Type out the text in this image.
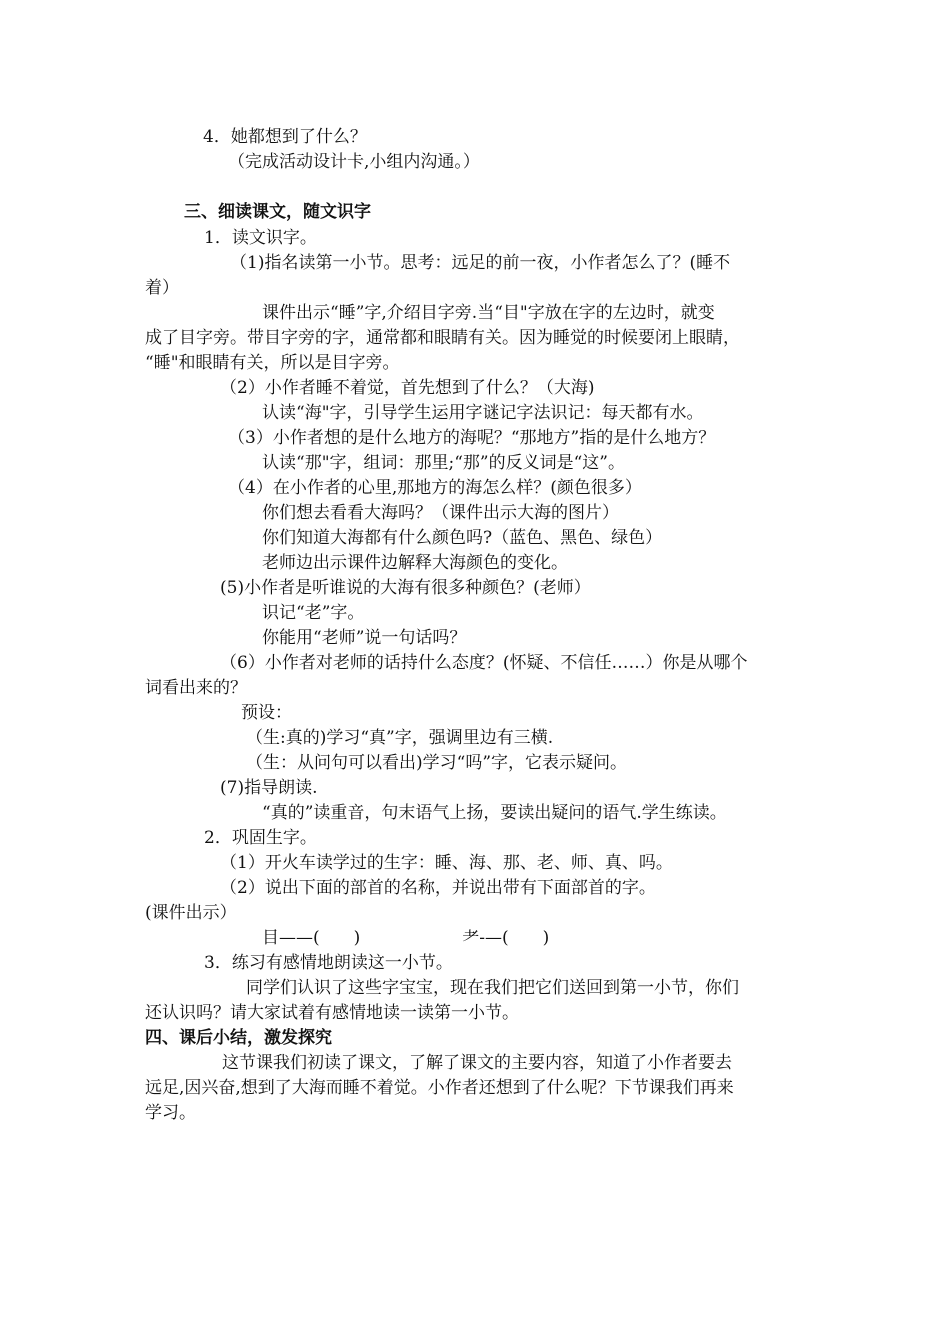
4．她都想到了什么？
（完成活动设计卡,小组内沟通。）
三、细读课文，随文识字
1．读文识字。
（1)指名读第一小节。思考：远足的前一夜，小作者怎么了？(睡不
着）
课件出示“睡”字,介绍目字旁.当“目"字放在字的左边时，就变
成了目字旁。带目字旁的字，通常都和眼睛有关。因为睡觉的时候要闭上眼睛，
“睡"和眼睛有关，所以是目字旁。
（2）小作者睡不着觉，首先想到了什么？（大海)
认读“海"字，引导学生运用字谜记字法识记：每天都有水。
（3）小作者想的是什么地方的海呢？“那地方”指的是什么地方？
认读“那"字，组词：那里;“那”的反义词是“这”。
（4）在小作者的心里,那地方的海怎么样？(颜色很多）
你们想去看看大海吗？（课件出示大海的图片）
你们知道大海都有什么颜色吗?（蓝色、黑色、绿色）
老师边出示课件边解释大海颜色的变化。
(5)小作者是听谁说的大海有很多种颜色？(老师）
识记“老”字。
你能用“老师”说一句话吗？
（6）小作者对老师的话持什么态度？(怀疑、不信任……）你是从哪个
词看出来的？
预设：
（生:真的)学习“真”字，强调里边有三横.
（生：从问句可以看出)学习“吗”字，它表示疑问。
(7)指导朗读.
“真的”读重音，句末语气上扬，要读出疑问的语气.学生练读。
2．巩固生字。
（1）开火车读学过的生字：睡、海、那、老、师、真、吗。
（2）说出下面的部首的名称，并说出带有下面部首的字。
(课件出示）
目——(　　)　　　　　　耂-—(　　)
3．练习有感情地朗读这一小节。
同学们认识了这些字宝宝，现在我们把它们送回到第一小节，你们
还认识吗？请大家试着有感情地读一读第一小节。
四、课后小结，激发探究
这节课我们初读了课文，了解了课文的主要内容，知道了小作者要去
远足,因兴奋,想到了大海而睡不着觉。小作者还想到了什么呢？下节课我们再来
学习。
